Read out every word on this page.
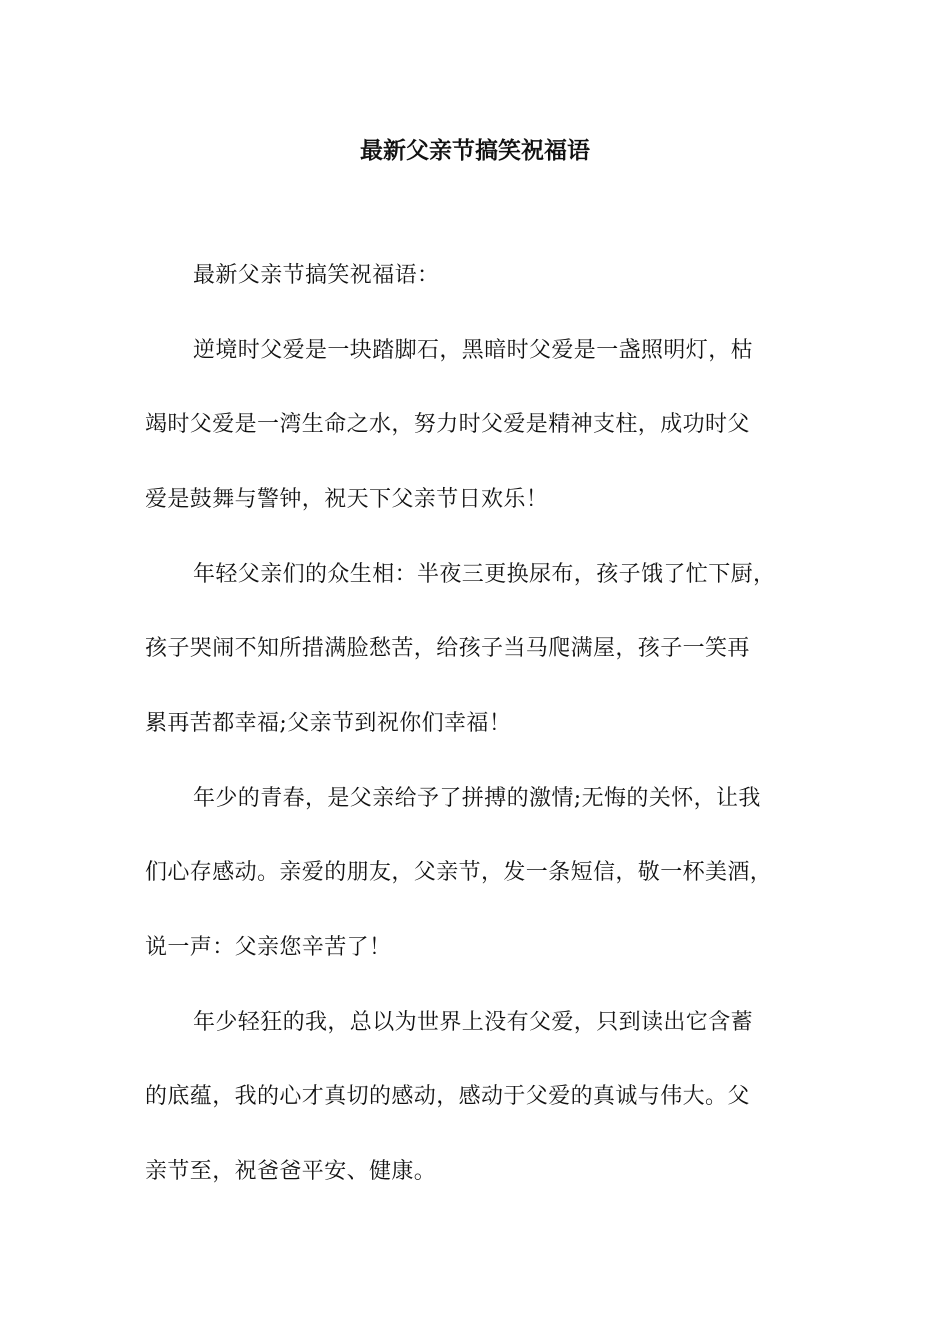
最新父亲节搞笑祝福语
最新父亲节搞笑祝福语：
逆境时父爱是一块踏脚石，黑暗时父爱是一盏照明灯，枯
竭时父爱是一湾生命之水，努力时父爱是精神支柱，成功时父
爱是鼓舞与警钟，祝天下父亲节日欢乐！
年轻父亲们的众生相：半夜三更换尿布，孩子饿了忙下厨，
孩子哭闹不知所措满脸愁苦，给孩子当马爬满屋，孩子一笑再
累再苦都幸福;父亲节到祝你们幸福！
年少的青春，是父亲给予了拼搏的激情;无悔的关怀，让我
们心存感动。亲爱的朋友，父亲节，发一条短信，敬一杯美酒，
说一声：父亲您辛苦了！
年少轻狂的我，总以为世界上没有父爱，只到读出它含蓄
的底蕴，我的心才真切的感动，感动于父爱的真诚与伟大。父
亲节至，祝爸爸平安、健康。
